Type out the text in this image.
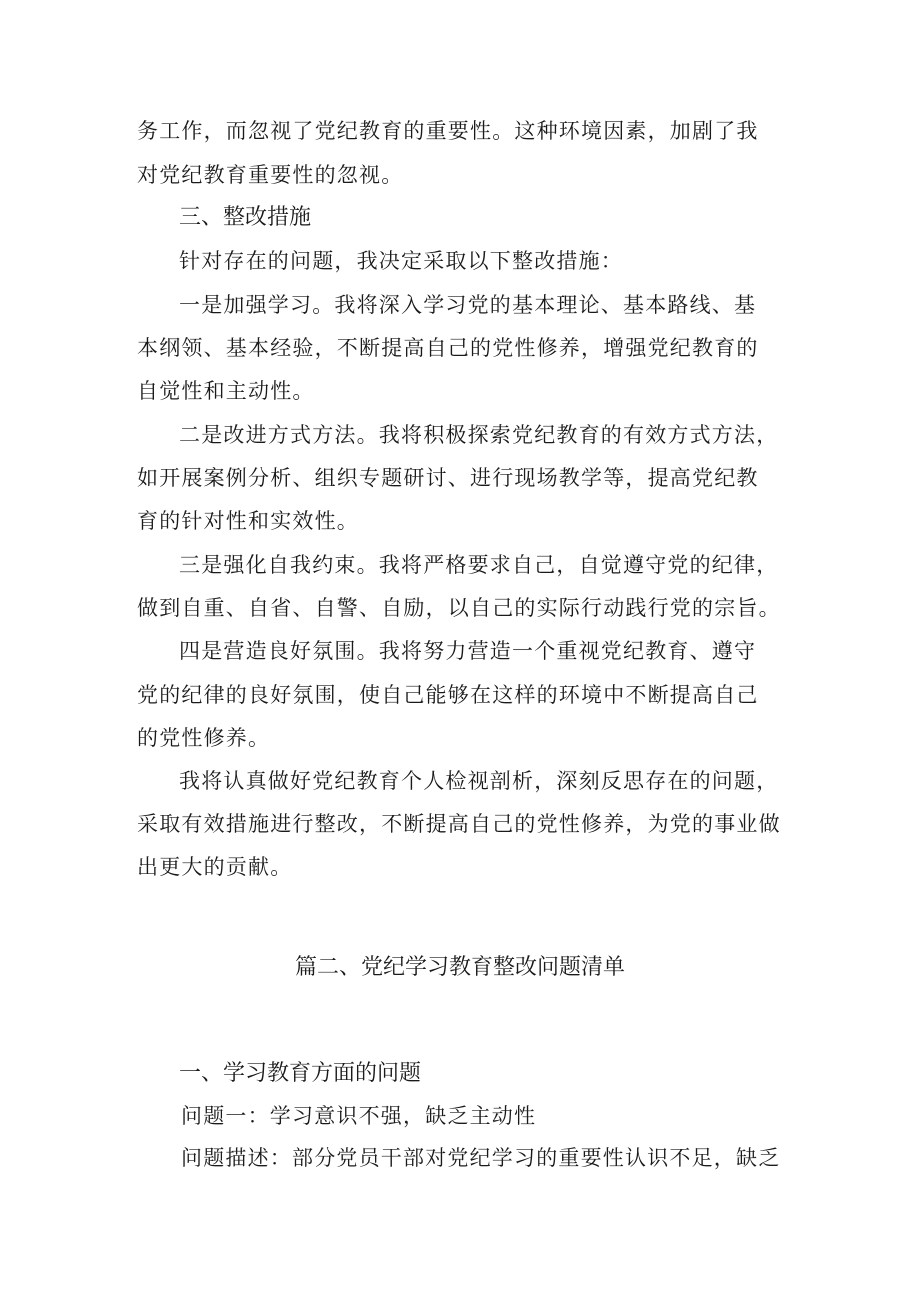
务工作，而忽视了党纪教育的重要性。这种环境因素，加剧了我
对党纪教育重要性的忽视。
三、整改措施
针对存在的问题，我决定采取以下整改措施：
一是加强学习。我将深入学习党的基本理论、基本路线、基
本纲领、基本经验，不断提高自己的党性修养，增强党纪教育的
自觉性和主动性。
二是改进方式方法。我将积极探索党纪教育的有效方式方法，
如开展案例分析、组织专题研讨、进行现场教学等，提高党纪教
育的针对性和实效性。
三是强化自我约束。我将严格要求自己，自觉遵守党的纪律，
做到自重、自省、自警、自励，以自己的实际行动践行党的宗旨。
四是营造良好氛围。我将努力营造一个重视党纪教育、遵守
党的纪律的良好氛围，使自己能够在这样的环境中不断提高自己
的党性修养。
我将认真做好党纪教育个人检视剖析，深刻反思存在的问题，
采取有效措施进行整改，不断提高自己的党性修养，为党的事业做
出更大的贡献。
篇二、党纪学习教育整改问题清单
一、学习教育方面的问题
问题一：学习意识不强，缺乏主动性
问题描述：部分党员干部对党纪学习的重要性认识不足，缺乏
